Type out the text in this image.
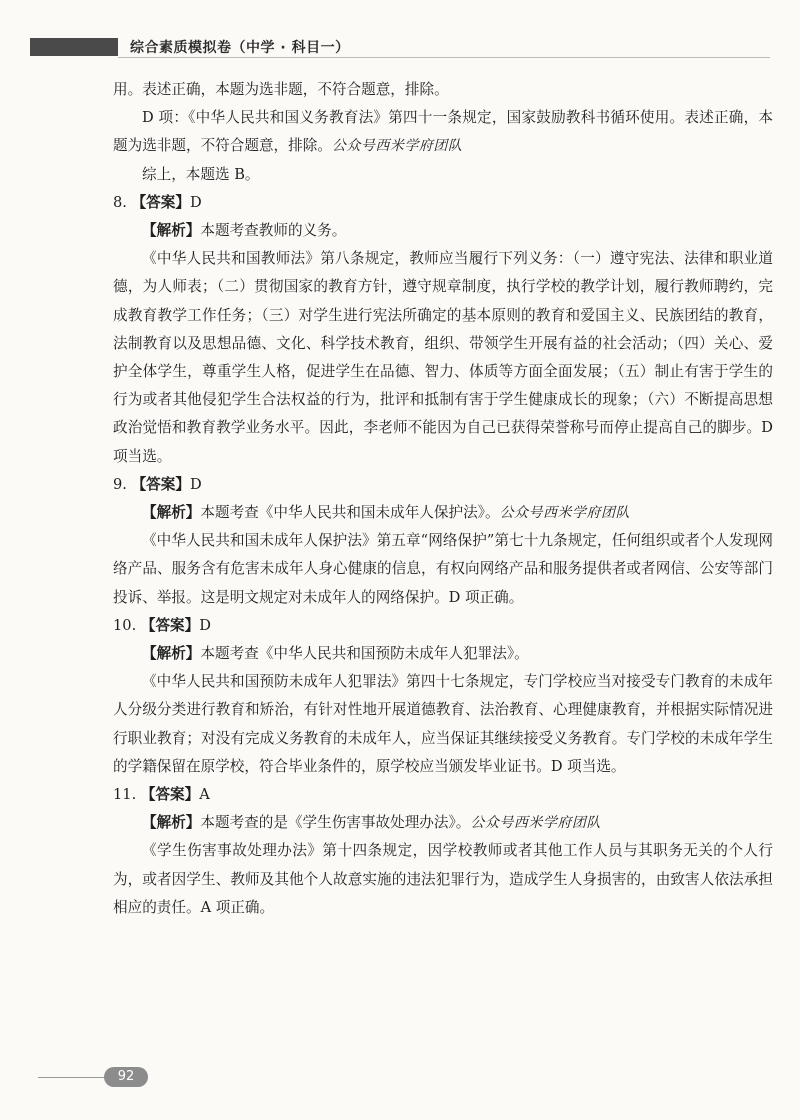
综合素质模拟卷（中学 · 科目一）

用。表述正确，本题为选非题，不符合题意，排除。

D 项：《中华人民共和国义务教育法》第四十一条规定，国家鼓励教科书循环使用。表述正确，本题为选非题，不符合题意，排除。公众号西米学府团队

综上，本题选 B。

8. 【答案】D

【解析】本题考查教师的义务。

《中华人民共和国教师法》第八条规定，教师应当履行下列义务：（一）遵守宪法、法律和职业道德，为人师表；（二）贯彻国家的教育方针，遵守规章制度，执行学校的教学计划，履行教师聘约，完成教育教学工作任务；（三）对学生进行宪法所确定的基本原则的教育和爱国主义、民族团结的教育，法制教育以及思想品德、文化、科学技术教育，组织、带领学生开展有益的社会活动；（四）关心、爱护全体学生，尊重学生人格，促进学生在品德、智力、体质等方面全面发展；（五）制止有害于学生的行为或者其他侵犯学生合法权益的行为，批评和抵制有害于学生健康成长的现象；（六）不断提高思想政治觉悟和教育教学业务水平。因此，李老师不能因为自己已获得荣誉称号而停止提高自己的脚步。D 项当选。

9. 【答案】D

【解析】本题考查《中华人民共和国未成年人保护法》。公众号西米学府团队

《中华人民共和国未成年人保护法》第五章“网络保护”第七十九条规定，任何组织或者个人发现网络产品、服务含有危害未成年人身心健康的信息，有权向网络产品和服务提供者或者网信、公安等部门投诉、举报。这是明文规定对未成年人的网络保护。D 项正确。

10. 【答案】D

【解析】本题考查《中华人民共和国预防未成年人犯罪法》。

《中华人民共和国预防未成年人犯罪法》第四十七条规定，专门学校应当对接受专门教育的未成年人分级分类进行教育和矫治，有针对性地开展道德教育、法治教育、心理健康教育，并根据实际情况进行职业教育；对没有完成义务教育的未成年人，应当保证其继续接受义务教育。专门学校的未成年学生的学籍保留在原学校，符合毕业条件的，原学校应当颁发毕业证书。D 项当选。

11. 【答案】A

【解析】本题考查的是《学生伤害事故处理办法》。公众号西米学府团队

《学生伤害事故处理办法》第十四条规定，因学校教师或者其他工作人员与其职务无关的个人行为，或者因学生、教师及其他个人故意实施的违法犯罪行为，造成学生人身损害的，由致害人依法承担相应的责任。A 项正确。

92
